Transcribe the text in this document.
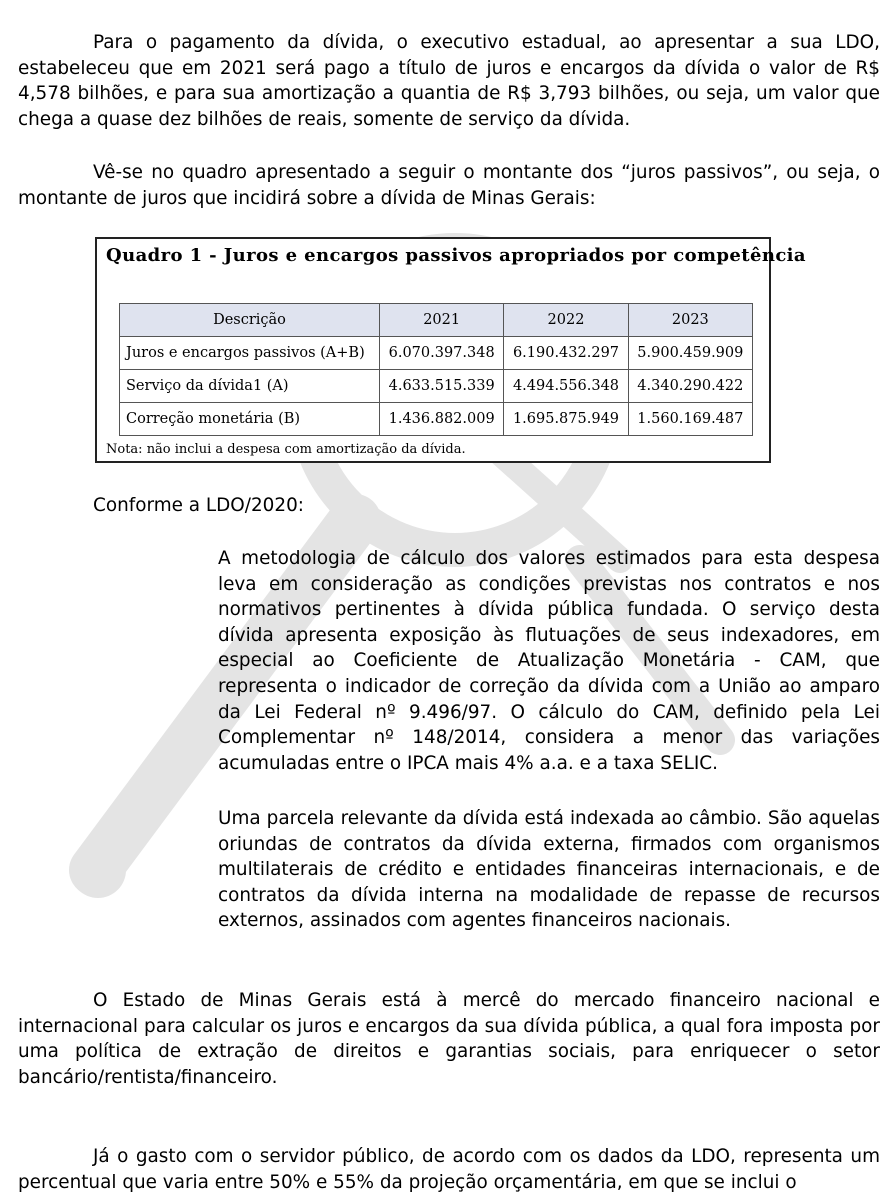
Para o pagamento da dívida, o executivo estadual, ao apresentar a sua LDO, estabeleceu que em 2021 será pago a título de juros e encargos da dívida o valor de R$ 4,578 bilhões, e para sua amortização a quantia de R$ 3,793 bilhões, ou seja, um valor que chega a quase dez bilhões de reais, somente de serviço da dívida.

Vê-se no quadro apresentado a seguir o montante dos “juros passivos”, ou seja, o montante de juros que incidirá sobre a dívida de Minas Gerais:

Quadro 1 - Juros e encargos passivos apropriados por competência
Descrição	2021	2022	2023
Juros e encargos passivos (A+B)	6.070.397.348	6.190.432.297	5.900.459.909
Serviço da dívida1 (A)	4.633.515.339	4.494.556.348	4.340.290.422
Correção monetária (B)	1.436.882.009	1.695.875.949	1.560.169.487
Nota: não inclui a despesa com amortização da dívida.

Conforme a LDO/2020:

A metodologia de cálculo dos valores estimados para esta despesa leva em consideração as condições previstas nos contratos e nos normativos pertinentes à dívida pública fundada. O serviço desta dívida apresenta exposição às flutuações de seus indexadores, em especial ao Coeficiente de Atualização Monetária - CAM, que representa o indicador de correção da dívida com a União ao amparo da Lei Federal nº 9.496/97. O cálculo do CAM, definido pela Lei Complementar nº 148/2014, considera a menor das variações acumuladas entre o IPCA mais 4% a.a. e a taxa SELIC.

Uma parcela relevante da dívida está indexada ao câmbio. São aquelas oriundas de contratos da dívida externa, firmados com organismos multilaterais de crédito e entidades financeiras internacionais, e de contratos da dívida interna na modalidade de repasse de recursos externos, assinados com agentes financeiros nacionais.

O Estado de Minas Gerais está à mercê do mercado financeiro nacional e internacional para calcular os juros e encargos da sua dívida pública, a qual fora imposta por uma política de extração de direitos e garantias sociais, para enriquecer o setor bancário/rentista/financeiro.

Já o gasto com o servidor público, de acordo com os dados da LDO, representa um percentual que varia entre 50% e 55% da projeção orçamentária, em que se inclui o
